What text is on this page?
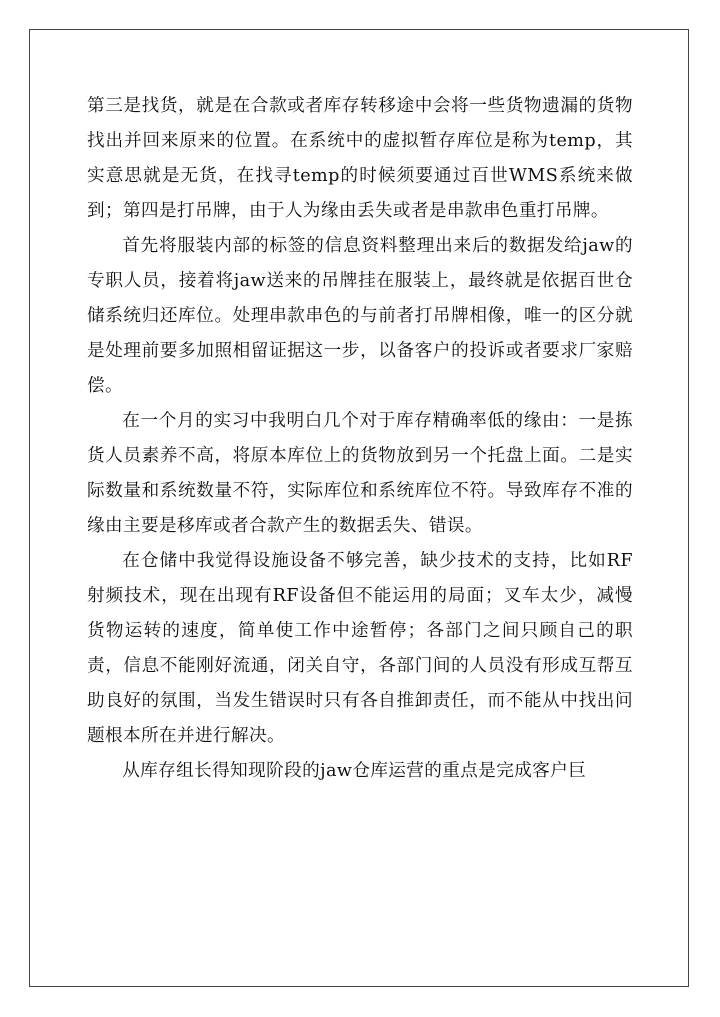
第三是找货，就是在合款或者库存转移途中会将一些货物遗漏的货物找出并回来原来的位置。在系统中的虚拟暂存库位是称为temp，其实意思就是无货，在找寻temp的时候须要通过百世WMS系统来做到；第四是打吊牌，由于人为缘由丢失或者是串款串色重打吊牌。

首先将服装内部的标签的信息资料整理出来后的数据发给jaw的专职人员，接着将jaw送来的吊牌挂在服装上，最终就是依据百世仓储系统归还库位。处理串款串色的与前者打吊牌相像，唯一的区分就是处理前要多加照相留证据这一步，以备客户的投诉或者要求厂家赔偿。

在一个月的实习中我明白几个对于库存精确率低的缘由：一是拣货人员素养不高，将原本库位上的货物放到另一个托盘上面。二是实际数量和系统数量不符，实际库位和系统库位不符。导致库存不准的缘由主要是移库或者合款产生的数据丢失、错误。

在仓储中我觉得设施设备不够完善，缺少技术的支持，比如RF射频技术，现在出现有RF设备但不能运用的局面；叉车太少，减慢货物运转的速度，简单使工作中途暂停；各部门之间只顾自己的职责，信息不能刚好流通，闭关自守，各部门间的人员没有形成互帮互助良好的氛围，当发生错误时只有各自推卸责任，而不能从中找出问题根本所在并进行解决。

从库存组长得知现阶段的jaw仓库运营的重点是完成客户巨
